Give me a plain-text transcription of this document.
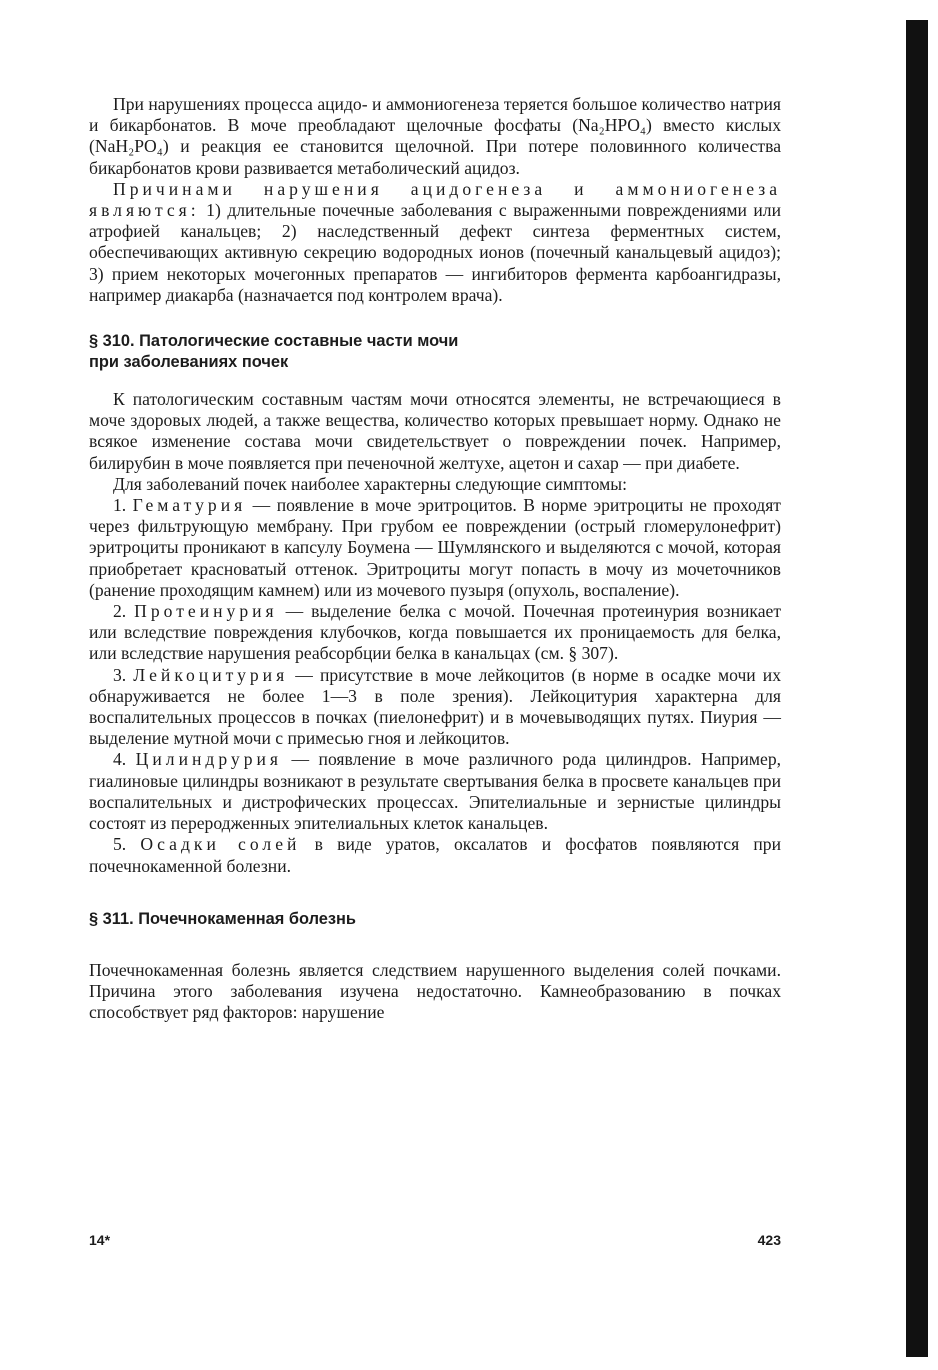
При нарушениях процесса ацидо- и аммониогенеза теряется большое количество натрия и бикарбонатов. В моче преобладают щелочные фосфаты (Na₂HPO₄) вместо кислых (NaH₂PO₄) и реакция ее становится щелочной. При потере половинного количества бикарбонатов крови развивается метаболический ацидоз.

Причинами нарушения ацидогенеза и аммониогенеза являются: 1) длительные почечные заболевания с выраженными повреждениями или атрофией канальцев; 2) наследственный дефект синтеза ферментных систем, обеспечивающих активную секрецию водородных ионов (почечный канальцевый ацидоз); 3) прием некоторых мочегонных препаратов — ингибиторов фермента карбоангидразы, например диакарба (назначается под контролем врача).

§ 310. Патологические составные части мочи

при заболеваниях почек

К патологическим составным частям мочи относятся элементы, не встречающиеся в моче здоровых людей, а также вещества, количество которых превышает норму. Однако не всякое изменение состава мочи свидетельствует о повреждении почек. Например, билирубин в моче появляется при печеночной желтухе, ацетон и сахар — при диабете.

Для заболеваний почек наиболее характерны следующие симптомы:

1. Гематурия — появление в моче эритроцитов. В норме эритроциты не проходят через фильтрующую мембрану. При грубом ее повреждении (острый гломерулонефрит) эритроциты проникают в капсулу Боумена — Шумлянского и выделяются с мочой, которая приобретает красноватый оттенок. Эритроциты могут попасть в мочу из мочеточников (ранение проходящим камнем) или из мочевого пузыря (опухоль, воспаление).

2. Протеинурия — выделение белка с мочой. Почечная протеинурия возникает или вследствие повреждения клубочков, когда повышается их проницаемость для белка, или вследствие нарушения реабсорбции белка в канальцах (см. § 307).

3. Лейкоцитурия — присутствие в моче лейкоцитов (в норме в осадке мочи их обнаруживается не более 1—3 в поле зрения). Лейкоцитурия характерна для воспалительных процессов в почках (пиелонефрит) и в мочевыводящих путях. Пиурия — выделение мутной мочи с примесью гноя и лейкоцитов.

4. Цилиндрурия — появление в моче различного рода цилиндров. Например, гиалиновые цилиндры возникают в результате свертывания белка в просвете канальцев при воспалительных и дистрофических процессах. Эпителиальные и зернистые цилиндры состоят из переродженных эпителиальных клеток канальцев.

5. Осадки солей в виде уратов, оксалатов и фосфатов появляются при почечнокаменной болезни.

§ 311. Почечнокаменная болезнь

Почечнокаменная болезнь является следствием нарушенного выделения солей почками. Причина этого заболевания изучена недостаточно. Камнеобразованию в почках способствует ряд факторов: нарушение

14*	423
